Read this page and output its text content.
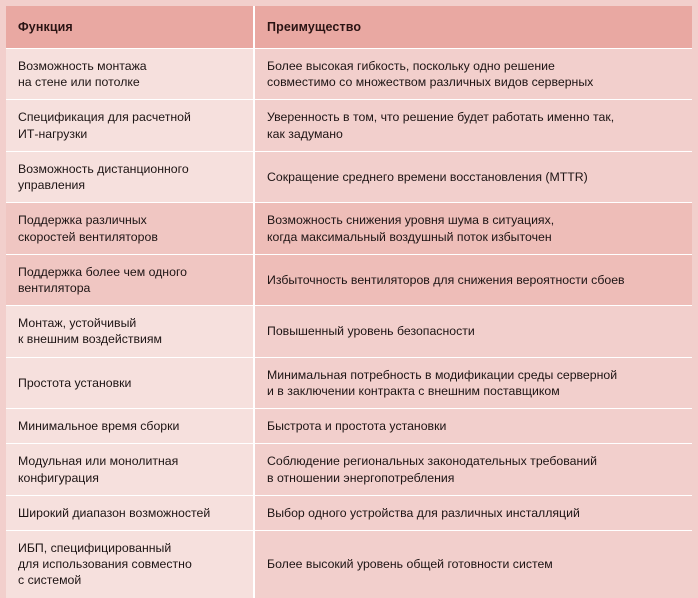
Функция	Преимущество

Возможность монтажа
на стене или потолке	Более высокая гибкость, поскольку одно решение
совместимо со множеством различных видов серверных

Спецификация для расчетной
ИТ-нагрузки	Уверенность в том, что решение будет работать именно так,
как задумано

Возможность дистанционного
управления	Сокращение среднего времени восстановления (MTTR)

Поддержка различных
скоростей вентиляторов	Возможность снижения уровня шума в ситуациях,
когда максимальный воздушный поток избыточен

Поддержка более чем одного
вентилятора	Избыточность вентиляторов для снижения вероятности сбоев

Монтаж, устойчивый
к внешним воздействиям	Повышенный уровень безопасности

Простота установки	Минимальная потребность в модификации среды серверной
и в заключении контракта с внешним поставщиком

Минимальное время сборки	Быстрота и простота установки

Модульная или монолитная
конфигурация	Соблюдение региональных законодательных требований
в отношении энергопотребления

Широкий диапазон возможностей	Выбор одного устройства для различных инсталляций

ИБП, специфицированный
для использования совместно
с системой	Более высокий уровень общей готовности систем
